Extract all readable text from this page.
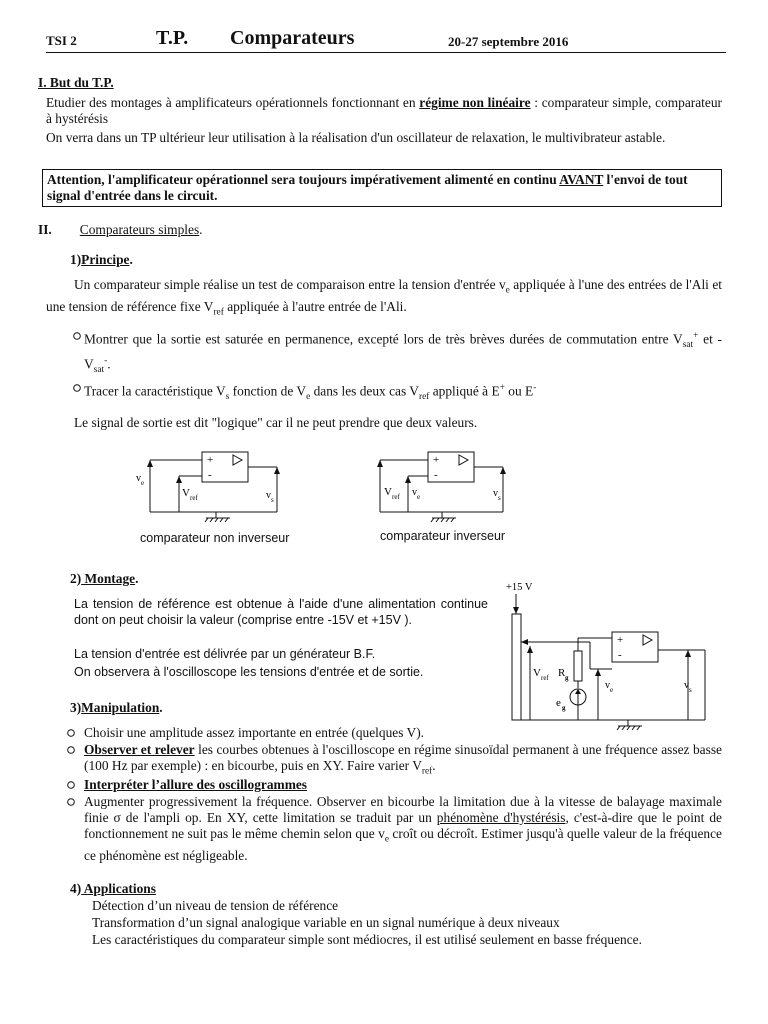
TSI 2	T.P. Comparateurs	20-27 septembre 2016
I. But du T.P.
Etudier des montages à amplificateurs opérationnels fonctionnant en régime non linéaire : comparateur simple, comparateur à hystérésis
On verra dans un TP ultérieur leur utilisation à la réalisation d'un oscillateur de relaxation, le multivibrateur astable.
Attention, l'amplificateur opérationnel sera toujours impérativement alimenté en continu AVANT l'envoi de tout signal d'entrée dans le circuit.
II. Comparateurs simples.
1)Principe.
Un comparateur simple réalise un test de comparaison entre la tension d'entrée $v_e$ appliquée à l'une des entrées de l'Ali et une tension de référence fixe $V_{ref}$ appliquée à l'autre entrée de l'Ali.
Montrer que la sortie est saturée en permanence, excepté lors de très brèves durées de commutation entre $V_{sat}^+$ et $-V_{sat}^-$.
Tracer la caractéristique $V_s$ fonction de $V_e$ dans les deux cas $V_{ref}$ appliqué à E+ ou E-
Le signal de sortie est dit "logique" car il ne peut prendre que deux valeurs.
+
-
v e
V ref	v s
comparateur non inverseur
+
-
V ref v e	v s
comparateur inverseur
2) Montage.
La tension de référence est obtenue à l'aide d'une alimentation continue dont on peut choisir la valeur (comprise entre -15V et +15V ).
La tension d'entrée est délivrée par un générateur B.F.
On observera à l'oscilloscope les tensions d'entrée et de sortie.
+15 V
+
-
V ref R g
e g
v e	v s
3)Manipulation.
Choisir une amplitude assez importante en entrée (quelques V).
Observer et relever les courbes obtenues à l'oscilloscope en régime sinusoïdal permanent à une fréquence assez basse (100 Hz par exemple) : en bicourbe, puis en XY. Faire varier $V_{ref}$.
Interpréter l’allure des oscillogrammes
Augmenter progressivement la fréquence. Observer en bicourbe la limitation due à la vitesse de balayage maximale finie σ de l'ampli op. En XY, cette limitation se traduit par un phénomène d'hystérésis, c'est-à-dire que le point de fonctionnement ne suit pas le même chemin selon que $v_e$ croît ou décroît. Estimer jusqu'à quelle valeur de la fréquence ce phénomène est négligeable.
4) Applications
Détection d’un niveau de tension de référence
Transformation d’un signal analogique variable en un signal numérique à deux niveaux
Les caractéristiques du comparateur simple sont médiocres, il est utilisé seulement en basse fréquence.
